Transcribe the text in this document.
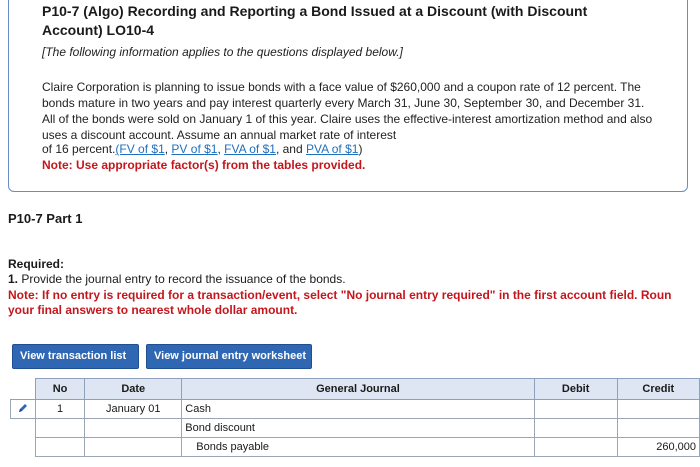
P10-7 (Algo) Recording and Reporting a Bond Issued at a Discount (with Discount Account) LO10-4
[The following information applies to the questions displayed below.]
Claire Corporation is planning to issue bonds with a face value of $260,000 and a coupon rate of 12 percent. The bonds mature in two years and pay interest quarterly every March 31, June 30, September 30, and December 31. All of the bonds were sold on January 1 of this year. Claire uses the effective-interest amortization method and also uses a discount account. Assume an annual market rate of interest
of 16 percent.(FV of $1, PV of $1, FVA of $1, and PVA of $1)
Note: Use appropriate factor(s) from the tables provided.
P10-7 Part 1
Required:
1. Provide the journal entry to record the issuance of the bonds.
Note: If no entry is required for a transaction/event, select "No journal entry required" in the first account field. Roun
your final answers to nearest whole dollar amount.
View transaction list	View journal entry worksheet
	No	Date	General Journal	Debit	Credit
	1	January 01	Cash		
			Bond discount		
			Bonds payable		260,000
